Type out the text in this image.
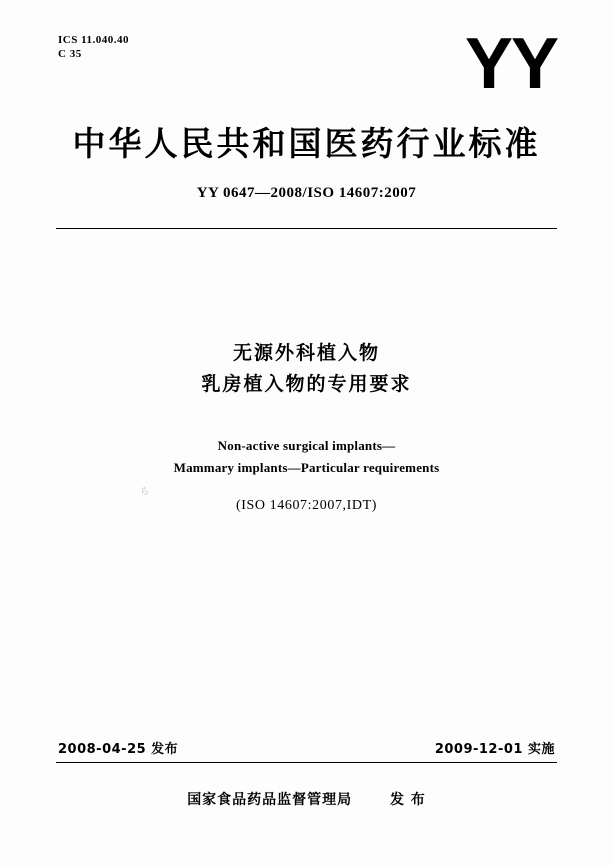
ICS 11.040.40
C 35	YY
中华人民共和国医药行业标准
YY 0647—2008/ISO 14607:2007
无源外科植入物
乳房植入物的专用要求
Non-active surgical implants—
Mammary implants—Particular requirements
ら
(ISO 14607:2007,IDT)
2008-04-25 发布	2009-12-01 实施
国家食品药品监督管理局	发 布
